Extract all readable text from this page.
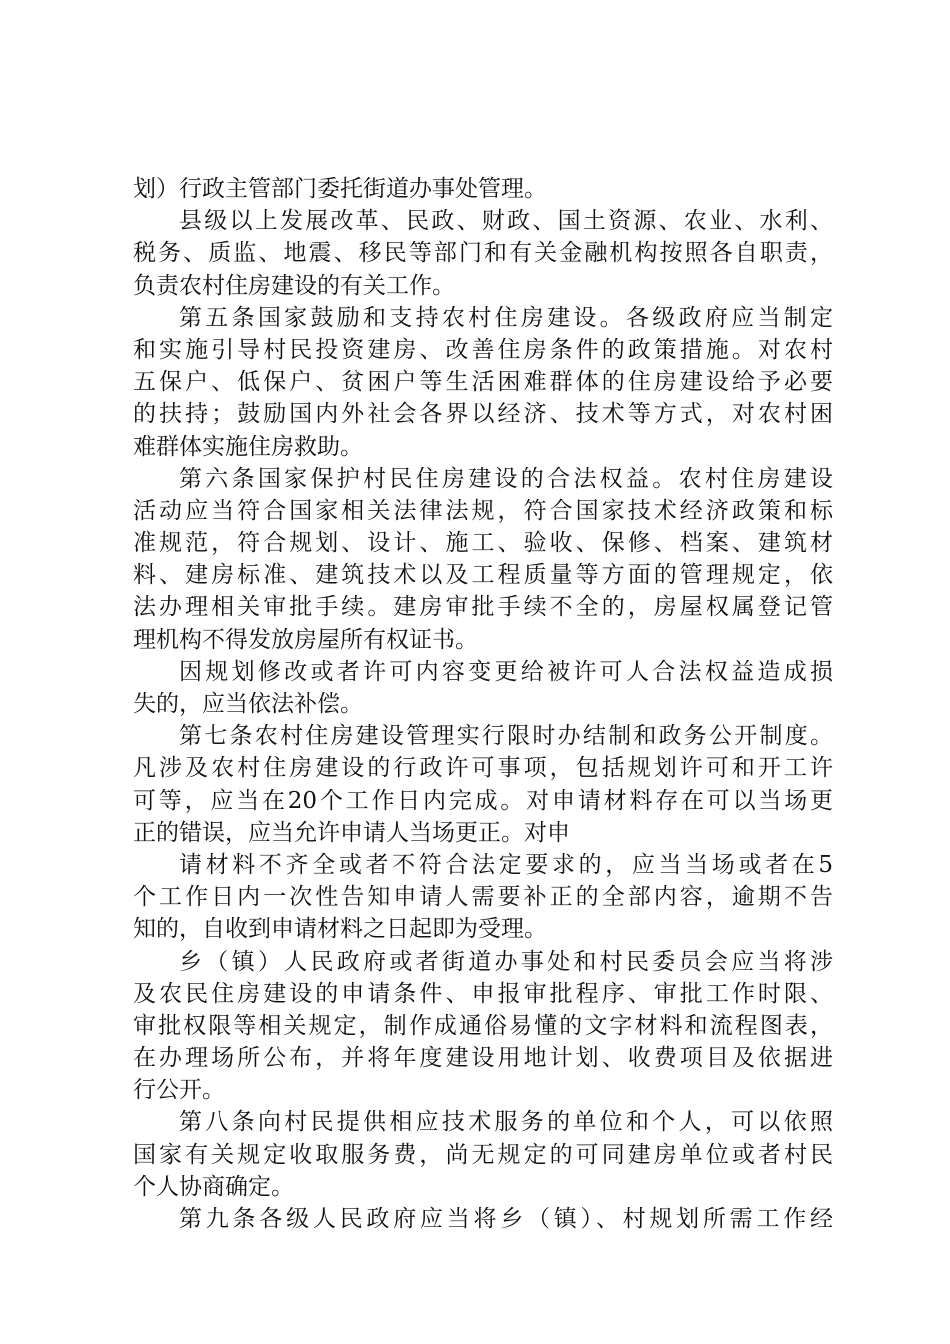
划）行政主管部门委托街道办事处管理。
县级以上发展改革、民政、财政、国土资源、农业、水利、
税务、质监、地震、移民等部门和有关金融机构按照各自职责，
负责农村住房建设的有关工作。
第五条国家鼓励和支持农村住房建设。各级政府应当制定
和实施引导村民投资建房、改善住房条件的政策措施。对农村
五保户、低保户、贫困户等生活困难群体的住房建设给予必要
的扶持；鼓励国内外社会各界以经济、技术等方式，对农村困
难群体实施住房救助。
第六条国家保护村民住房建设的合法权益。农村住房建设
活动应当符合国家相关法律法规，符合国家技术经济政策和标
准规范，符合规划、设计、施工、验收、保修、档案、建筑材
料、建房标准、建筑技术以及工程质量等方面的管理规定，依
法办理相关审批手续。建房审批手续不全的，房屋权属登记管
理机构不得发放房屋所有权证书。
因规划修改或者许可内容变更给被许可人合法权益造成损
失的，应当依法补偿。
第七条农村住房建设管理实行限时办结制和政务公开制度。
凡涉及农村住房建设的行政许可事项，包括规划许可和开工许
可等，应当在20个工作日内完成。对申请材料存在可以当场更
正的错误，应当允许申请人当场更正。对申
请材料不齐全或者不符合法定要求的，应当当场或者在5
个工作日内一次性告知申请人需要补正的全部内容，逾期不告
知的，自收到申请材料之日起即为受理。
乡（镇）人民政府或者街道办事处和村民委员会应当将涉
及农民住房建设的申请条件、申报审批程序、审批工作时限、
审批权限等相关规定，制作成通俗易懂的文字材料和流程图表，
在办理场所公布，并将年度建设用地计划、收费项目及依据进
行公开。
第八条向村民提供相应技术服务的单位和个人，可以依照
国家有关规定收取服务费，尚无规定的可同建房单位或者村民
个人协商确定。
第九条各级人民政府应当将乡（镇）、村规划所需工作经
